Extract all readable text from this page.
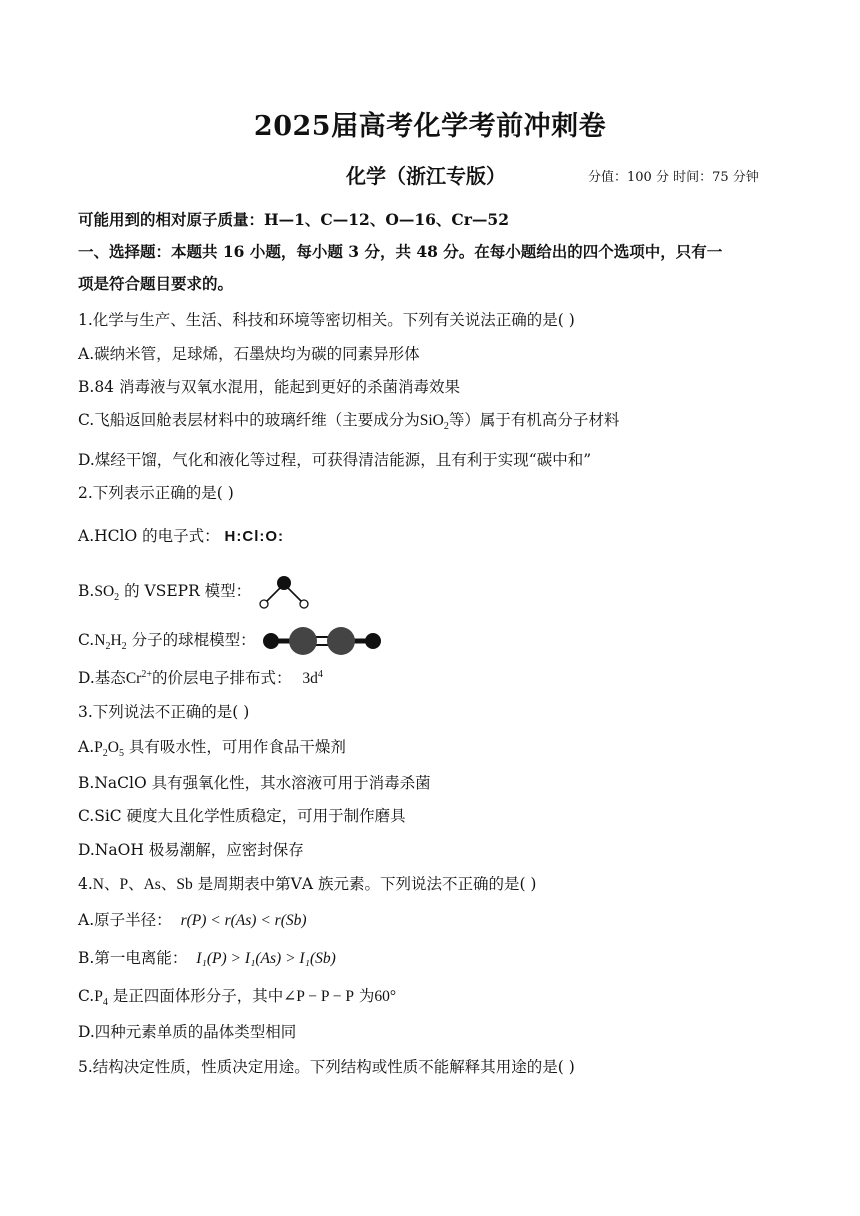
2025届高考化学考前冲刺卷
化学（浙江专版）	分值：100 分 时间：75 分钟
可能用到的相对原子质量：H—1、C—12、O—16、Cr—52
一、选择题：本题共 16 小题，每小题 3 分，共 48 分。在每小题给出的四个选项中，只有一
项是符合题目要求的。
1.化学与生产、生活、科技和环境等密切相关。下列有关说法正确的是( )
A.碳纳米管，足球烯，石墨炔均为碳的同素异形体
B.84 消毒液与双氧水混用，能起到更好的杀菌消毒效果
C.飞船返回舱表层材料中的玻璃纤维（主要成分为SiO$_2$等）属于有机高分子材料
D.煤经干馏，气化和液化等过程，可获得清洁能源，且有利于实现“碳中和”
2.下列表示正确的是( )
A.HClO 的电子式： H:Cl:O:
$B.SO_2$ 的 VSEPR 模型：
$C.N_2H_2$ 分子的球棍模型：
D.基态$Cr^{2+}$的价层电子排布式： $3d^4$
3.下列说法不正确的是( )
$A.P_2O_5$ 具有吸水性，可用作食品干燥剂
B.NaClO 具有强氧化性，其水溶液可用于消毒杀菌
C.SiC 硬度大且化学性质稳定，可用于制作磨具
D.NaOH 极易潮解，应密封保存
4.N、P、As、Sb 是周期表中第ⅤA 族元素。下列说法不正确的是( )
A.原子半径： r(P) < r(As) < r(Sb)
B.第一电离能： I₁(P) > I₁(As) > I₁(Sb)
$C.P_4$ 是正四面体形分子，其中∠P − P − P 为60°
D.四种元素单质的晶体类型相同
5.结构决定性质，性质决定用途。下列结构或性质不能解释其用途的是( )
